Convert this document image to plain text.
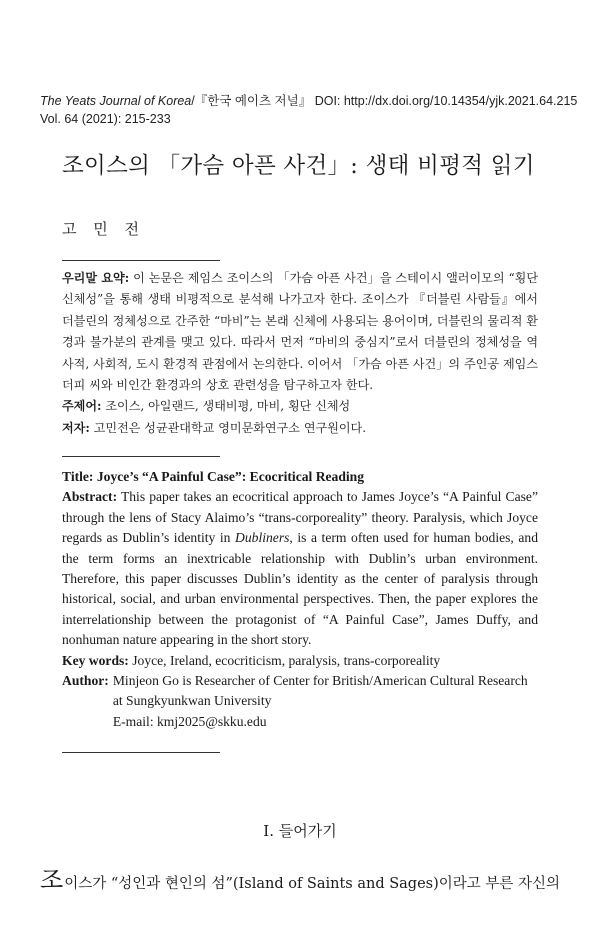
The Yeats Journal of Korea/『한국 예이츠 저널』 DOI: http://dx.doi.org/10.14354/yjk.2021.64.215
Vol. 64 (2021): 215-233
조이스의 「가슴 아픈 사건」: 생태 비평적 읽기
고 민 전

우리말 요약: 이 논문은 제임스 조이스의 「가슴 아픈 사건」을 스테이시 앨러이모의 “횡단 신체성”을 통해 생태 비평적으로 분석해 나가고자 한다. 조이스가 『더블린 사람들』에서 더블린의 정체성으로 간주한 “마비”는 본래 신체에 사용되는 용어이며, 더블린의 물리적 환경과 불가분의 관계를 맺고 있다. 따라서 먼저 “마비의 중심지”로서 더블린의 정체성을 역사적, 사회적, 도시 환경적 관점에서 논의한다. 이어서 「가슴 아픈 사건」의 주인공 제임스 더피 씨와 비인간 환경과의 상호 관련성을 탐구하고자 한다.

주제어: 조이스, 아일랜드, 생태비평, 마비, 횡단 신체성

저자: 고민전은 성균관대학교 영미문화연구소 연구원이다.

Title: Joyce’s “A Painful Case”: Ecocritical Reading

Abstract: This paper takes an ecocritical approach to James Joyce’s “A Painful Case” through the lens of Stacy Alaimo’s “trans-corporeality” theory. Paralysis, which Joyce regards as Dublin’s identity in Dubliners, is a term often used for human bodies, and the term forms an inextricable relationship with Dublin’s urban environment. Therefore, this paper discusses Dublin’s identity as the center of paralysis through historical, social, and urban environmental perspectives. Then, the paper explores the interrelationship between the protagonist of “A Painful Case”, James Duffy, and nonhuman nature appearing in the short story.

Key words: Joyce, Ireland, ecocriticism, paralysis, trans-corporeality

Author: Minjeon Go is Researcher of Center for British/American Cultural Research
at Sungkyunkwan University
E-mail: kmj2025@skku.edu
I. 들어가기
조이스가 “성인과 현인의 섬”(Island of Saints and Sages)이라고 부른 자신의
